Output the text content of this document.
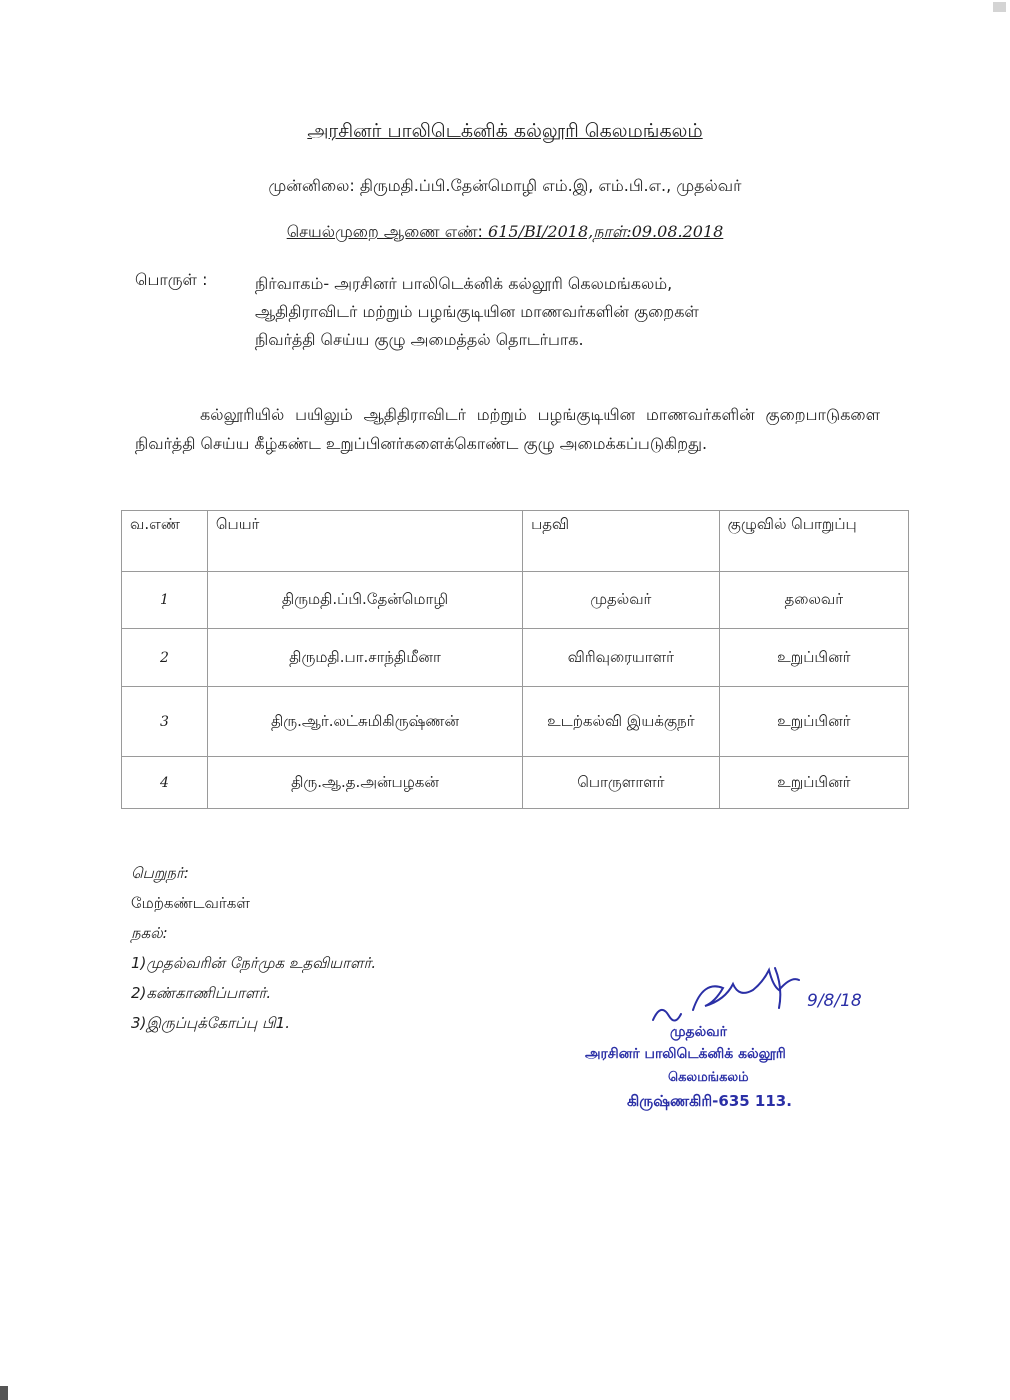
அரசினர் பாலிடெக்னிக் கல்லூரி கெலமங்கலம்
முன்னிலை: திருமதி.ப்பி.தேன்மொழி எம்.இ, எம்.பி.எ., முதல்வர்
செயல்முறை ஆணை எண்: 615/BI/2018,நாள்:09.08.2018
பொருள் :	நிர்வாகம்- அரசினர் பாலிடெக்னிக் கல்லூரி கெலமங்கலம்,
ஆதிதிராவிடர் மற்றும் பழங்குடியின மாணவர்களின் குறைகள்
நிவர்த்தி செய்ய குழு அமைத்தல் தொடர்பாக.
கல்லூரியில் பயிலும் ஆதிதிராவிடர் மற்றும் பழங்குடியின மாணவர்களின் குறைபாடுகளை நிவர்த்தி செய்ய கீழ்கண்ட உறுப்பினர்களைக்கொண்ட குழு அமைக்கப்படுகிறது.
வ.எண்	பெயர்	பதவி	குழுவில் பொறுப்பு
1	திருமதி.ப்பி.தேன்மொழி	முதல்வர்	தலைவர்
2	திருமதி.பா.சாந்திமீனா	விரிவுரையாளர்	உறுப்பினர்
3	திரு.ஆர்.லட்சுமிகிருஷ்ணன்	உடற்கல்வி இயக்குநர்	உறுப்பினர்
4	திரு.ஆ.த.அன்பழகன்	பொருளாளர்	உறுப்பினர்
பெறுநர்:
மேற்கண்டவர்கள்
நகல்:
1)முதல்வரின் நேர்முக உதவியாளர்.
2)கண்காணிப்பாளர்.
3)இருப்புக்கோப்பு பி1.
9/8/18
முதல்வர்
அரசினர் பாலிடெக்னிக் கல்லூரி
கெலமங்கலம்
கிருஷ்ணகிரி-635 113.
